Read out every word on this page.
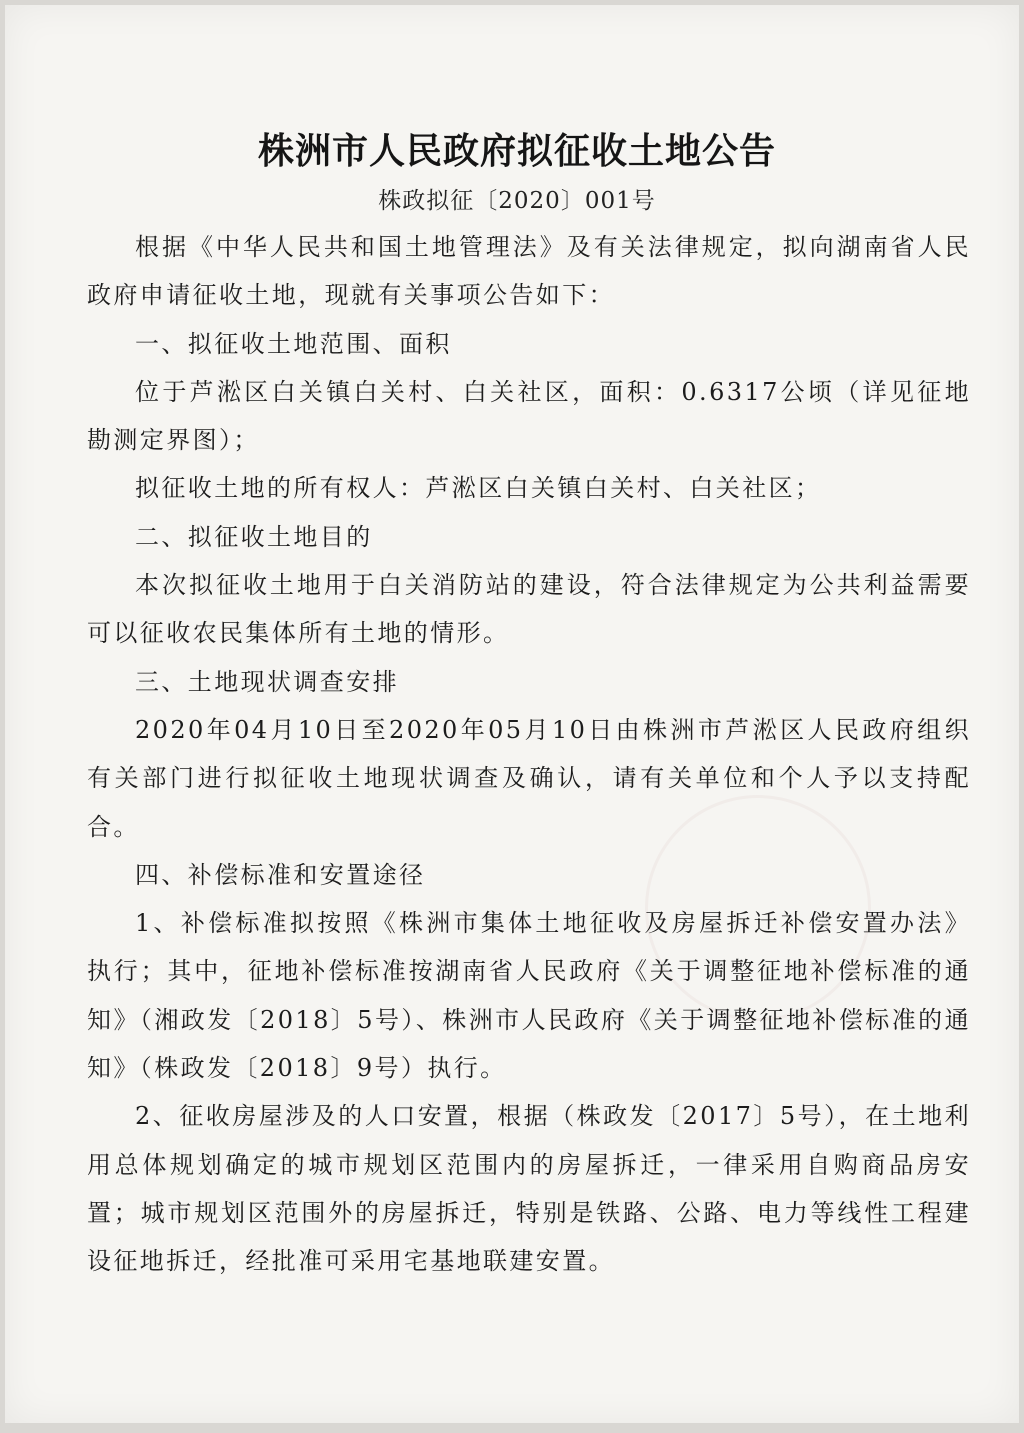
株洲市人民政府拟征收土地公告
株政拟征〔2020〕001号

根据《中华人民共和国土地管理法》及有关法律规定，拟向湖南省人民政府申请征收土地，现就有关事项公告如下：

一、拟征收土地范围、面积

位于芦淞区白关镇白关村、白关社区，面积：0.6317公顷（详见征地勘测定界图）；

拟征收土地的所有权人：芦淞区白关镇白关村、白关社区；

二、拟征收土地目的

本次拟征收土地用于白关消防站的建设，符合法律规定为公共利益需要可以征收农民集体所有土地的情形。

三、土地现状调查安排

2020年04月10日至2020年05月10日由株洲市芦淞区人民政府组织有关部门进行拟征收土地现状调查及确认，请有关单位和个人予以支持配合。

四、补偿标准和安置途径

1、补偿标准拟按照《株洲市集体土地征收及房屋拆迁补偿安置办法》执行；其中，征地补偿标准按湖南省人民政府《关于调整征地补偿标准的通知》（湘政发〔2018〕5号）、株洲市人民政府《关于调整征地补偿标准的通知》（株政发〔2018〕9号）执行。

2、征收房屋涉及的人口安置，根据（株政发〔2017〕5号），在土地利用总体规划确定的城市规划区范围内的房屋拆迁，一律采用自购商品房安置；城市规划区范围外的房屋拆迁，特别是铁路、公路、电力等线性工程建设征地拆迁，经批准可采用宅基地联建安置。
